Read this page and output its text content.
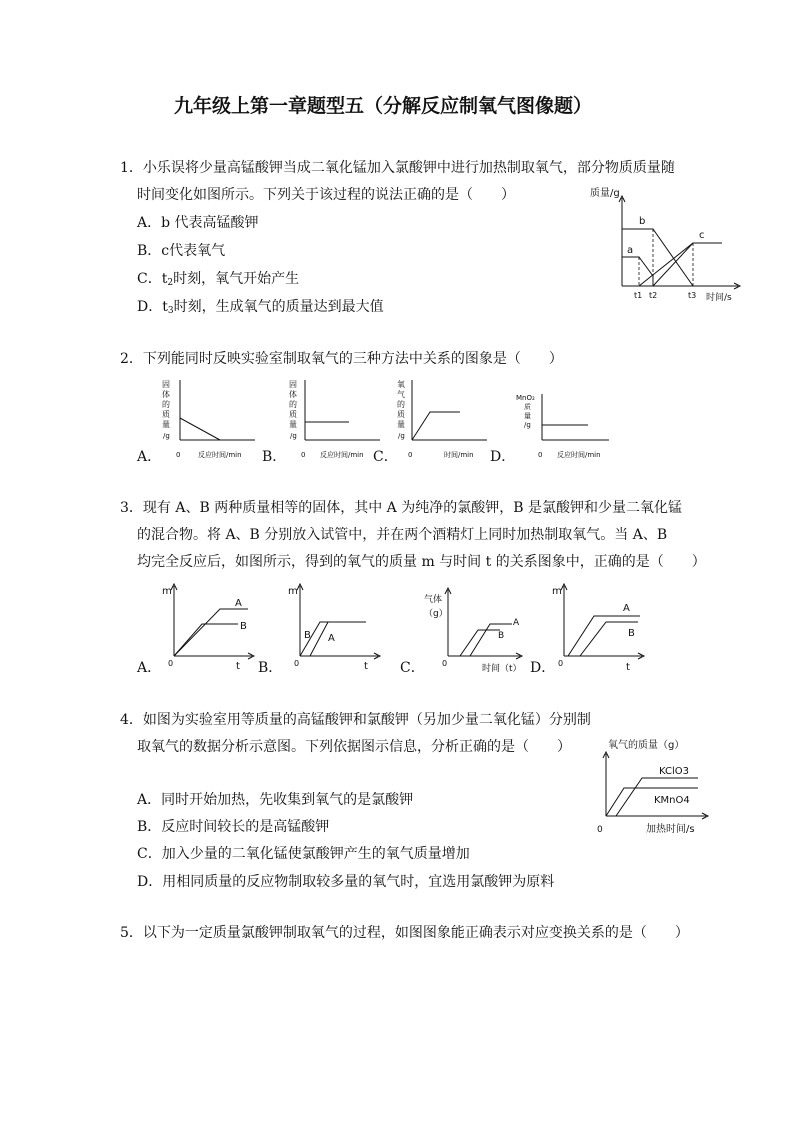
九年级上第一章题型五（分解反应制氧气图像题）
1．小乐误将少量高锰酸钾当成二氧化锰加入氯酸钾中进行加热制取氧气，部分物质质量随
时间变化如图所示。下列关于该过程的说法正确的是（　　）
A．b 代表高锰酸钾
B．c代表氧气
C．$t_2$时刻，氧气开始产生
D．$t_3$时刻，生成氧气的质量达到最大值
质量/g
b
a
c
t1 t2	t3 时间/s
2．下列能同时反映实验室制取氧气的三种方法中关系的图象是（　　）
A．	B．	C．	D．
固
体
的
质
量
/g
0	反应时间/min
固
体
的
质
量
/g
0 反应时间/min
氧
气
的
质
量
/g
0	时间/min
MnO₂
质
量
/g
0 反应时间/min
3．现有 A、B 两种质量相等的固体，其中 A 为纯净的氯酸钾，B 是氯酸钾和少量二氧化锰
的混合物。将 A、B 分别放入试管中，并在两个酒精灯上同时加热制取氧气。当 A、B
均完全反应后，如图所示，得到的氧气的质量 m 与时间 t 的关系图象中，正确的是（　　）
A．	B．	C．	D．
m
A
B
0	t
m
B A
0	t
气体
（g）
A
B
0
时间（t）
m
A
B
0	t
4．如图为实验室用等质量的高锰酸钾和氯酸钾（另加少量二氧化锰）分别制
取氧气的数据分析示意图。下列依据图示信息，分析正确的是（　　）
A．同时开始加热，先收集到氧气的是氯酸钾
B．反应时间较长的是高锰酸钾
C．加入少量的二氧化锰使氯酸钾产生的氧气质量增加
D．用相同质量的反应物制取较多量的氧气时，宜选用氯酸钾为原料
氧气的质量（g）
KClO3
KMnO4
0	加热时间/s
5．以下为一定质量氯酸钾制取氧气的过程，如图图象能正确表示对应变换关系的是（　　）
